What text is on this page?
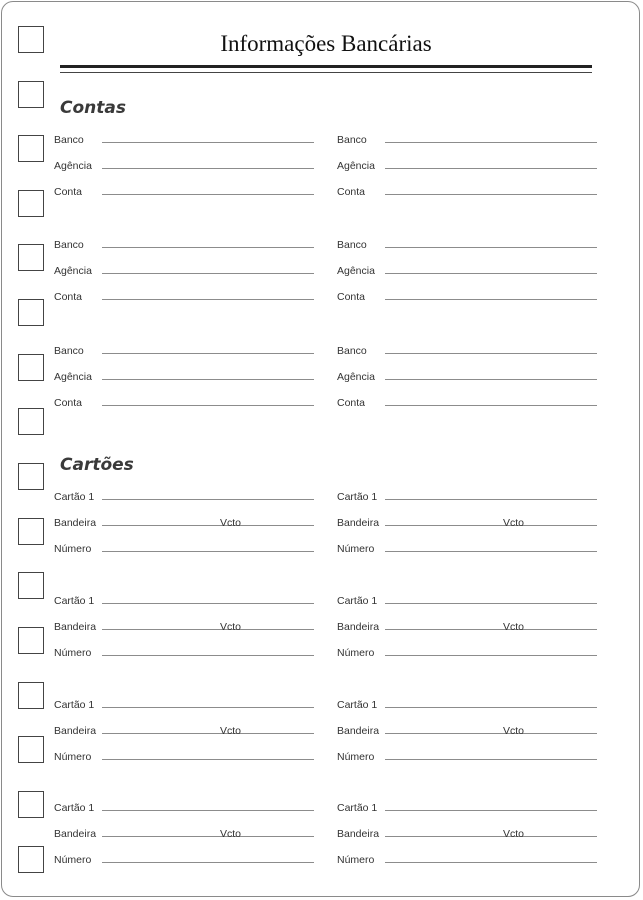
Informações Bancárias
Contas
Banco
Agência
Conta
Banco
Agência
Conta
Banco
Agência
Conta
Banco
Agência
Conta
Banco
Agência
Conta
Banco
Agência
Conta
Cartões
Cartão 1
Bandeira	Vcto
Número
Cartão 1
Bandeira	Vcto
Número
Cartão 1
Bandeira	Vcto
Número
Cartão 1
Bandeira	Vcto
Número
Cartão 1
Bandeira	Vcto
Número
Cartão 1
Bandeira	Vcto
Número
Cartão 1
Bandeira	Vcto
Número
Cartão 1
Bandeira	Vcto
Número
